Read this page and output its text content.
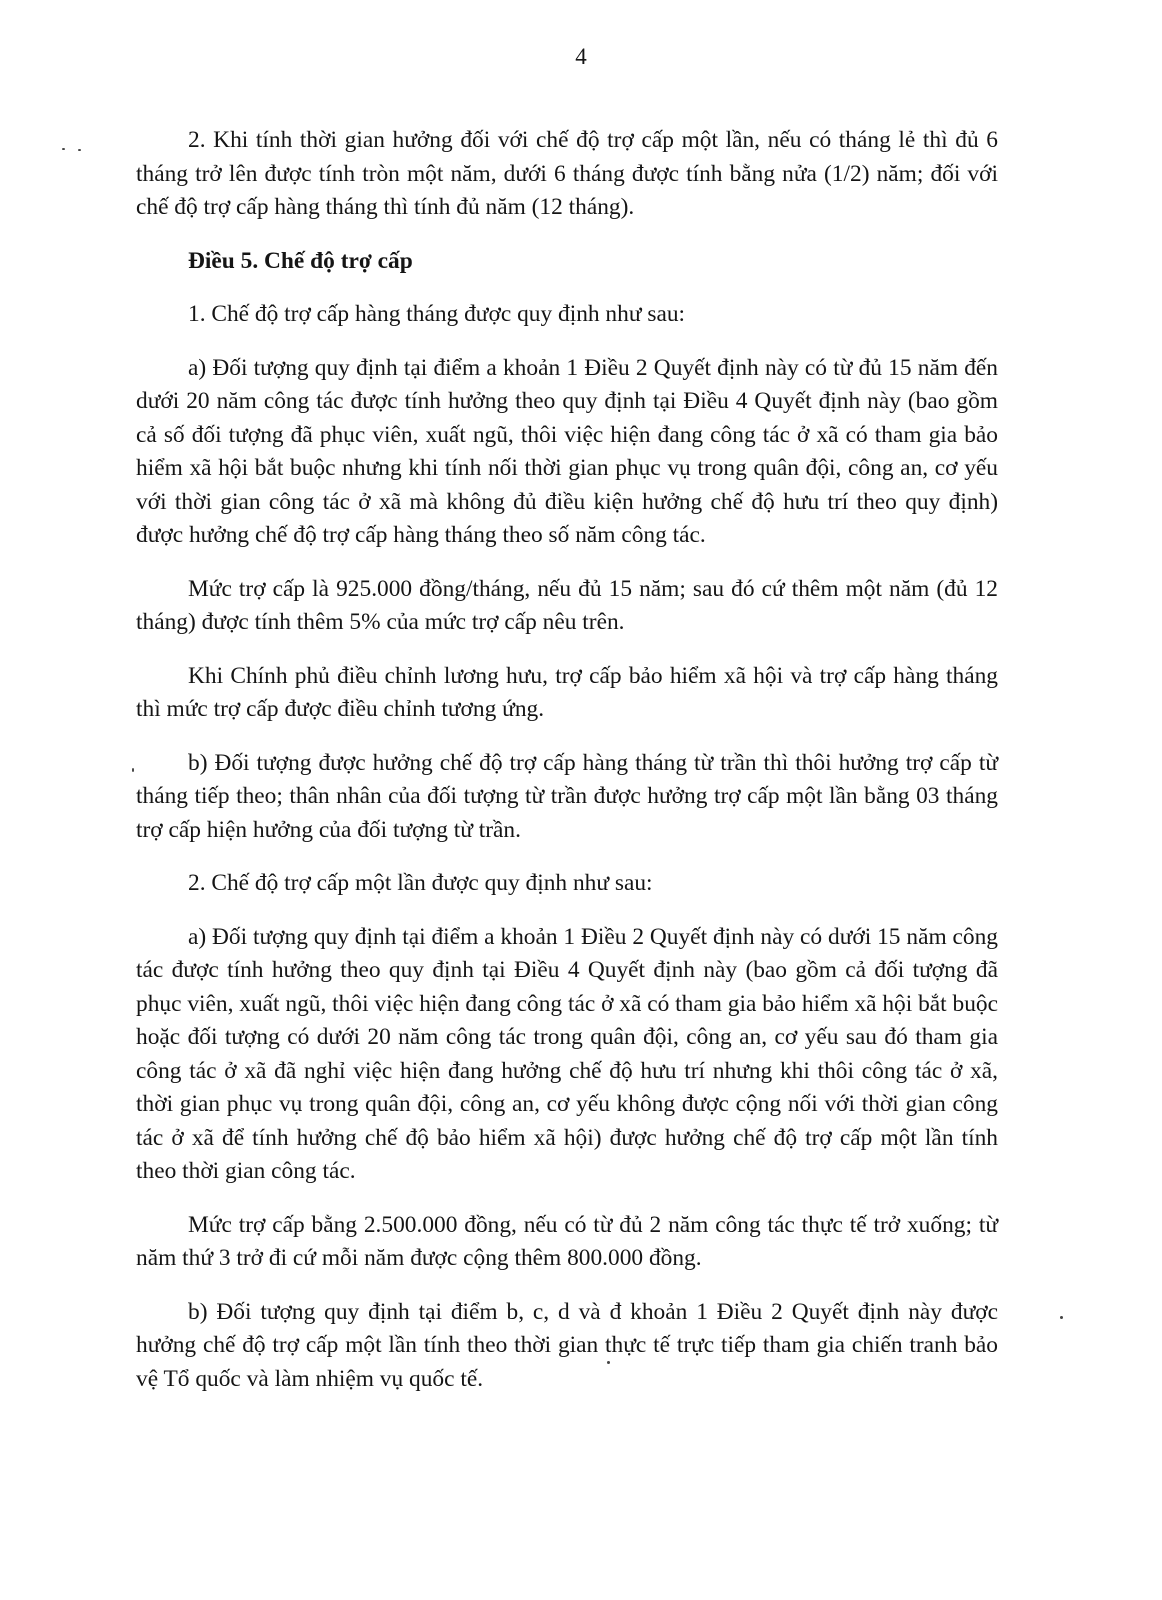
4

2. Khi tính thời gian hưởng đối với chế độ trợ cấp một lần, nếu có tháng lẻ thì đủ 6 tháng trở lên được tính tròn một năm, dưới 6 tháng được tính bằng nửa (1/2) năm; đối với chế độ trợ cấp hàng tháng thì tính đủ năm (12 tháng).

Điều 5. Chế độ trợ cấp

1. Chế độ trợ cấp hàng tháng được quy định như sau:

a) Đối tượng quy định tại điểm a khoản 1 Điều 2 Quyết định này có từ đủ 15 năm đến dưới 20 năm công tác được tính hưởng theo quy định tại Điều 4 Quyết định này (bao gồm cả số đối tượng đã phục viên, xuất ngũ, thôi việc hiện đang công tác ở xã có tham gia bảo hiểm xã hội bắt buộc nhưng khi tính nối thời gian phục vụ trong quân đội, công an, cơ yếu với thời gian công tác ở xã mà không đủ điều kiện hưởng chế độ hưu trí theo quy định) được hưởng chế độ trợ cấp hàng tháng theo số năm công tác.

Mức trợ cấp là 925.000 đồng/tháng, nếu đủ 15 năm; sau đó cứ thêm một năm (đủ 12 tháng) được tính thêm 5% của mức trợ cấp nêu trên.

Khi Chính phủ điều chỉnh lương hưu, trợ cấp bảo hiểm xã hội và trợ cấp hàng tháng thì mức trợ cấp được điều chỉnh tương ứng.

b) Đối tượng được hưởng chế độ trợ cấp hàng tháng từ trần thì thôi hưởng trợ cấp từ tháng tiếp theo; thân nhân của đối tượng từ trần được hưởng trợ cấp một lần bằng 03 tháng trợ cấp hiện hưởng của đối tượng từ trần.

2. Chế độ trợ cấp một lần được quy định như sau:

a) Đối tượng quy định tại điểm a khoản 1 Điều 2 Quyết định này có dưới 15 năm công tác được tính hưởng theo quy định tại Điều 4 Quyết định này (bao gồm cả đối tượng đã phục viên, xuất ngũ, thôi việc hiện đang công tác ở xã có tham gia bảo hiểm xã hội bắt buộc hoặc đối tượng có dưới 20 năm công tác trong quân đội, công an, cơ yếu sau đó tham gia công tác ở xã đã nghỉ việc hiện đang hưởng chế độ hưu trí nhưng khi thôi công tác ở xã, thời gian phục vụ trong quân đội, công an, cơ yếu không được cộng nối với thời gian công tác ở xã để tính hưởng chế độ bảo hiểm xã hội) được hưởng chế độ trợ cấp một lần tính theo thời gian công tác.

Mức trợ cấp bằng 2.500.000 đồng, nếu có từ đủ 2 năm công tác thực tế trở xuống; từ năm thứ 3 trở đi cứ mỗi năm được cộng thêm 800.000 đồng.

b) Đối tượng quy định tại điểm b, c, d và đ khoản 1 Điều 2 Quyết định này được hưởng chế độ trợ cấp một lần tính theo thời gian thực tế trực tiếp tham gia chiến tranh bảo vệ Tổ quốc và làm nhiệm vụ quốc tế.
